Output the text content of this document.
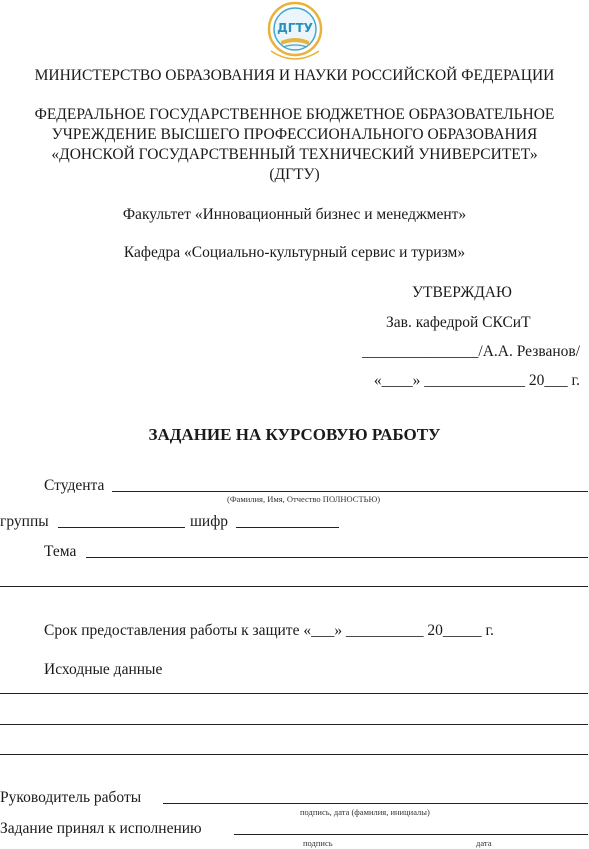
ДГТУ
МИНИСТЕРСТВО ОБРАЗОВАНИЯ И НАУКИ РОССИЙСКОЙ ФЕДЕРАЦИИ
ФЕДЕРАЛЬНОЕ ГОСУДАРСТВЕННОЕ БЮДЖЕТНОЕ ОБРАЗОВАТЕЛЬНОЕ
УЧРЕЖДЕНИЕ ВЫСШЕГО ПРОФЕССИОНАЛЬНОГО ОБРАЗОВАНИЯ
«ДОНСКОЙ ГОСУДАРСТВЕННЫЙ ТЕХНИЧЕСКИЙ УНИВЕРСИТЕТ»
(ДГТУ)
Факультет «Инновационный бизнес и менеджмент»
Кафедра «Социально-культурный сервис и туризм»
УТВЕРЖДАЮ
Зав. кафедрой СКСиТ
_______________/А.А. Резванов/
«____» _____________ 20___ г.
ЗАДАНИЕ НА КУРСОВУЮ РАБОТУ
Студента
(Фамилия, Имя, Отчество ПОЛНОСТЬЮ)
группы	шифр
Тема
Срок предоставления работы к защите «___» __________ 20_____ г.
Исходные данные
Руководитель работы
подпись, дата (фамилия, инициалы)
Задание принял к исполнению
подпись	дата
